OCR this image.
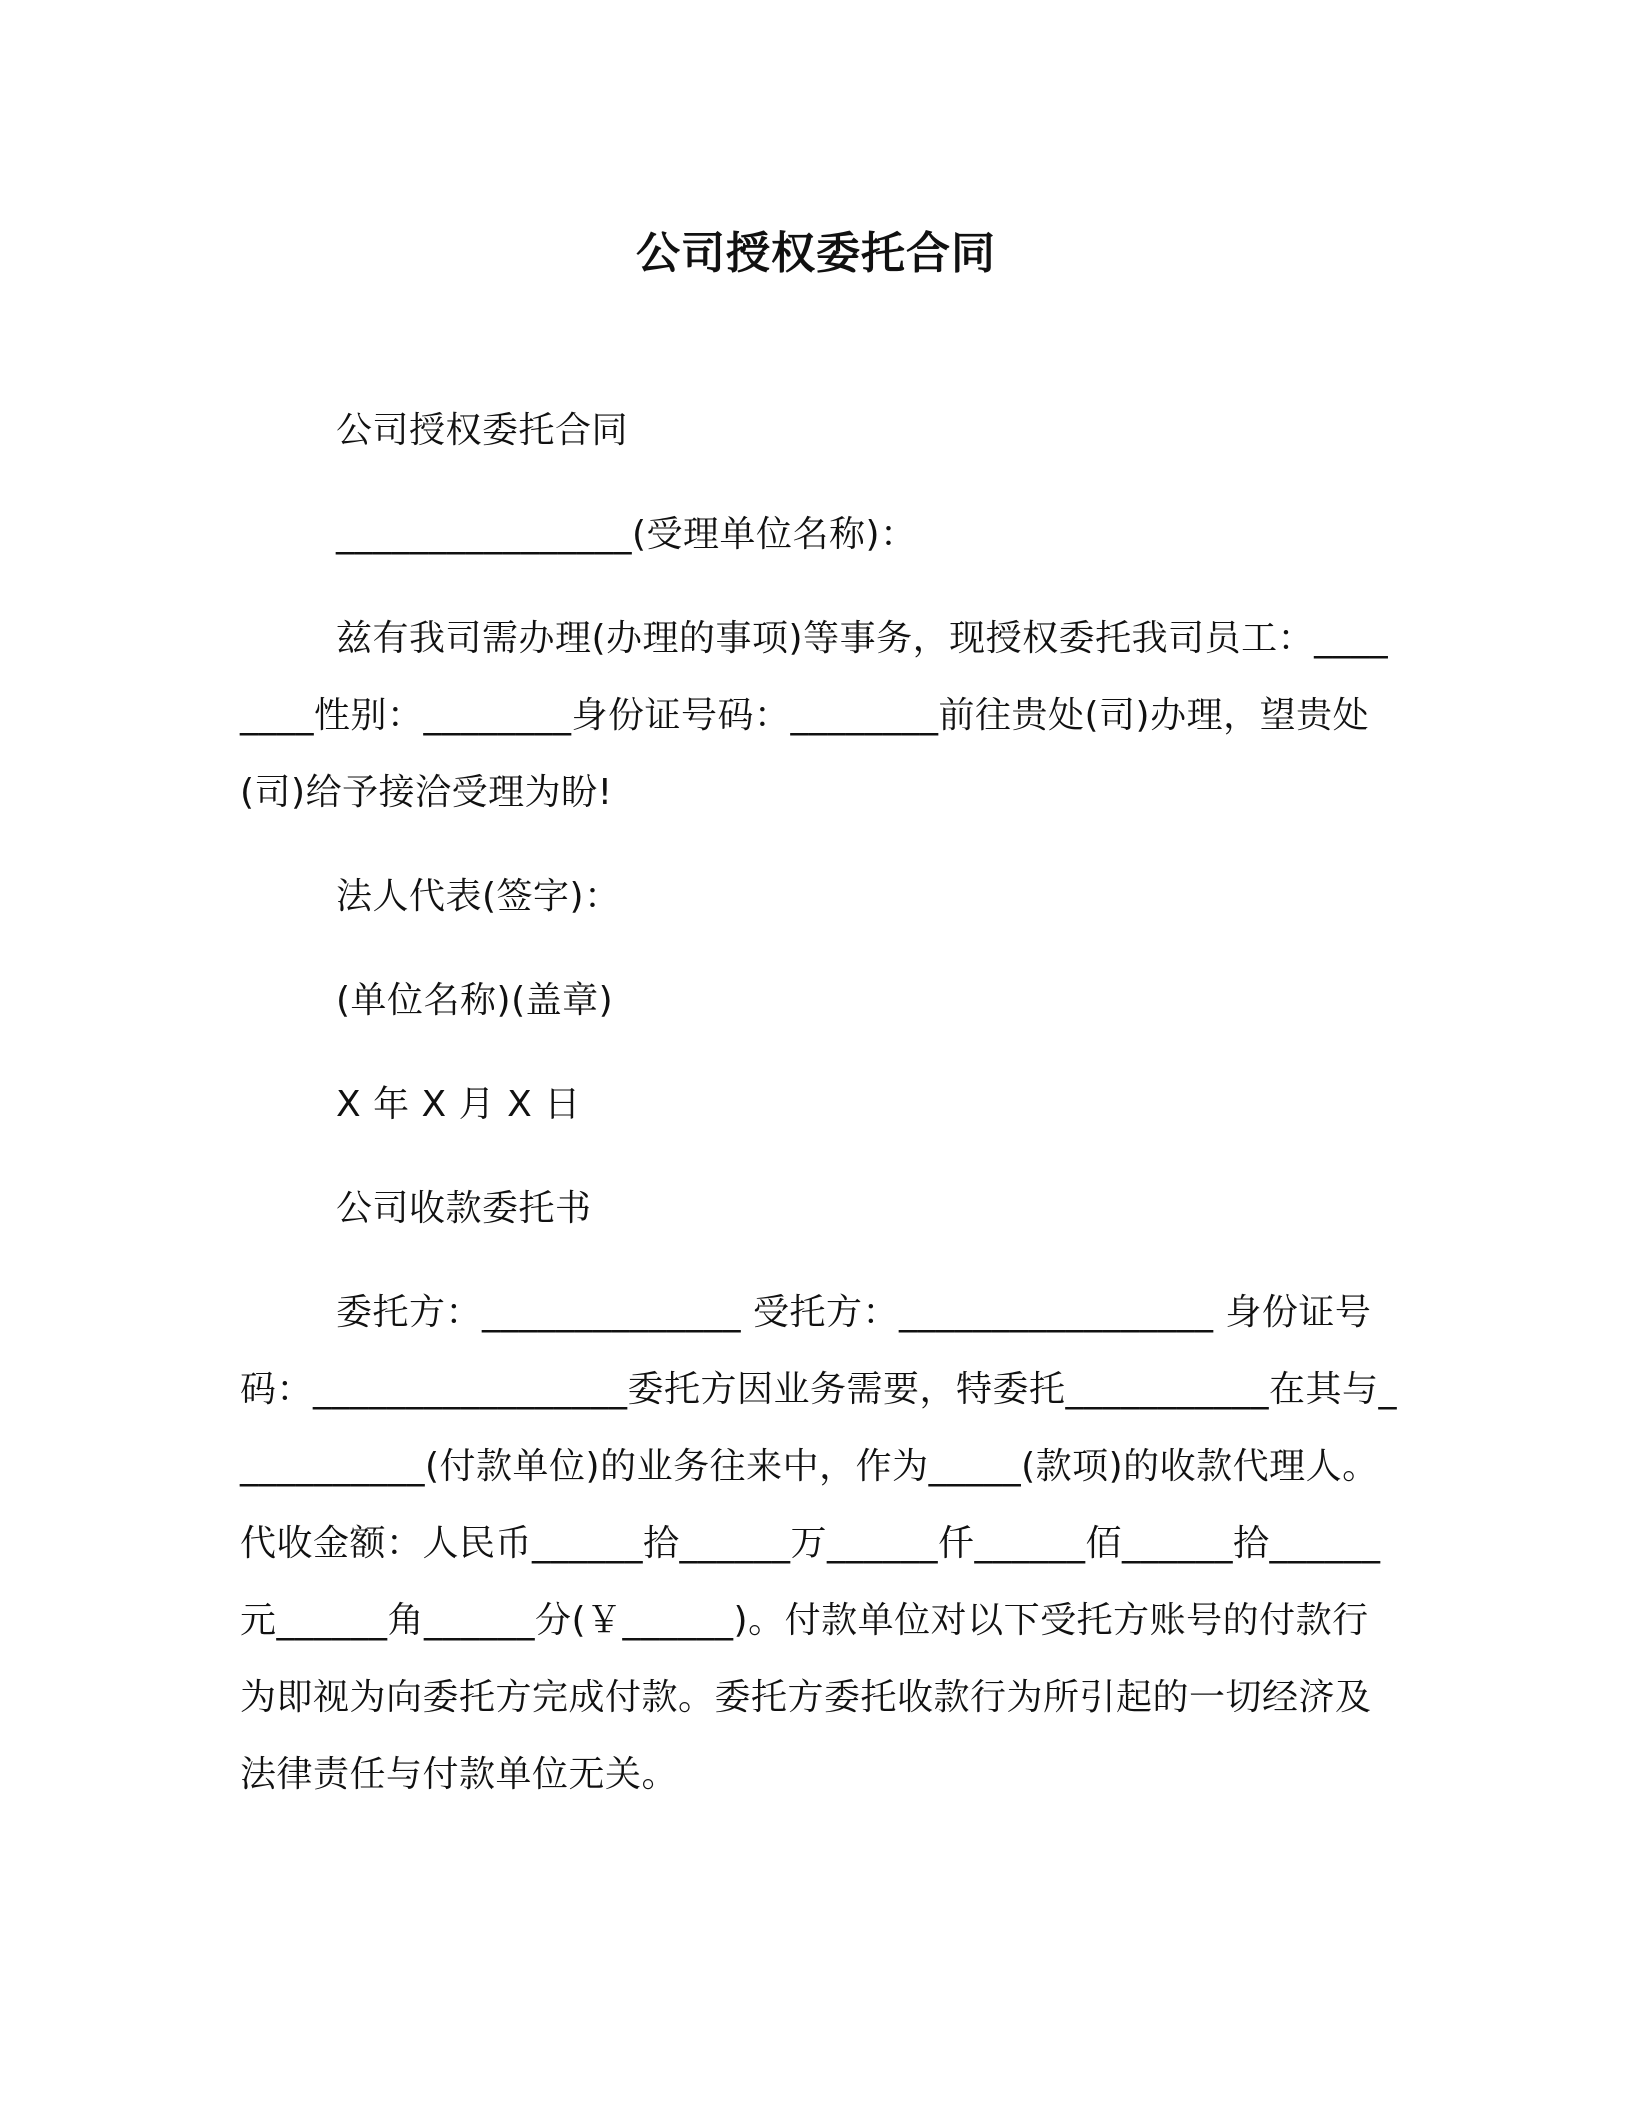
公司授权委托合同

公司授权委托合同

________________(受理单位名称)：

兹有我司需办理(办理的事项)等事务，现授权委托我司员工：________性别：________身份证号码：________前往贵处(司)办理，望贵处(司)给予接洽受理为盼!

法人代表(签字)：

(单位名称)(盖章)

X 年 X 月 X 日

公司收款委托书

委托方：______________ 受托方：_________________ 身份证号码：_________________委托方因业务需要，特委托___________在其与___________(付款单位)的业务往来中，作为_____(款项)的收款代理人。代收金额：人民币______拾______万______仟______佰______拾______元______角______分(￥______)。付款单位对以下受托方账号的付款行为即视为向委托方完成付款。委托方委托收款行为所引起的一切经济及法律责任与付款单位无关。
